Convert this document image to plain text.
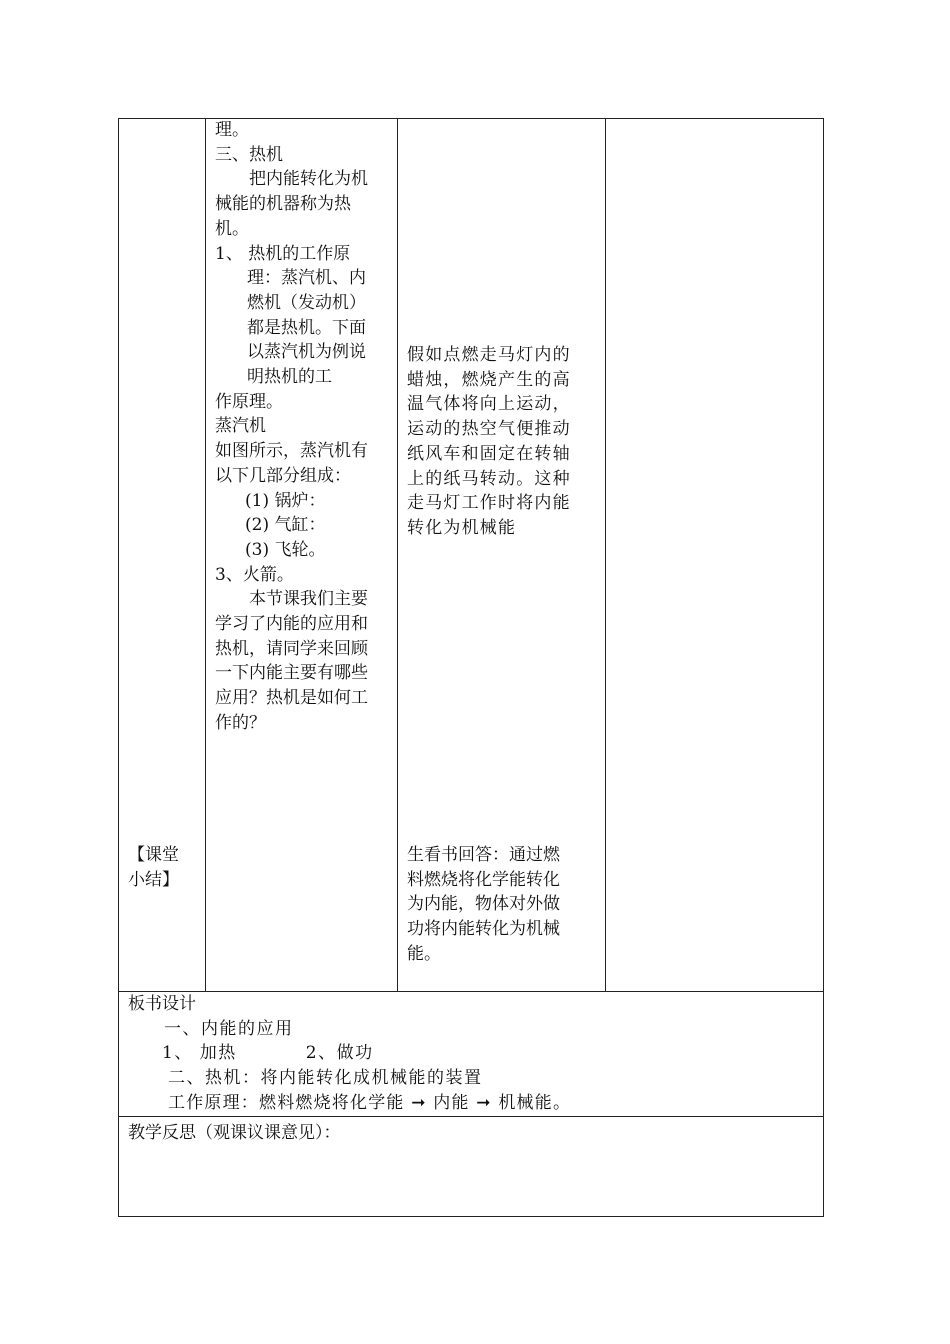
【课堂
小结】
理。
三、热机
把内能转化为机
械能的机器称为热
机。
1、 热机的工作原
理：蒸汽机、内
燃机（发动机）
都是热机。下面
以蒸汽机为例说
明热机的工
作原理。
蒸汽机
如图所示，蒸汽机有
以下几部分组成：
(1) 锅炉：
(2) 气缸：
(3) 飞轮。
3、火箭。
本节课我们主要
学习了内能的应用和
热机，请同学来回顾
一下内能主要有哪些
应用？热机是如何工
作的？
假如点燃走马灯内的
蜡烛，燃烧产生的高
温气体将向上运动，
运动的热空气便推动
纸风车和固定在转轴
上的纸马转动。这种
走马灯工作时将内能
转化为机械能
生看书回答：通过燃
料燃烧将化学能转化
为内能，物体对外做
功将内能转化为机械
能。
板书设计
一、内能的应用
1、 加热          2、做功
二、热机：将内能转化成机械能的装置
工作原理：燃料燃烧将化学能 ➞ 内能 ➞ 机械能。
教学反思（观课议课意见）：
